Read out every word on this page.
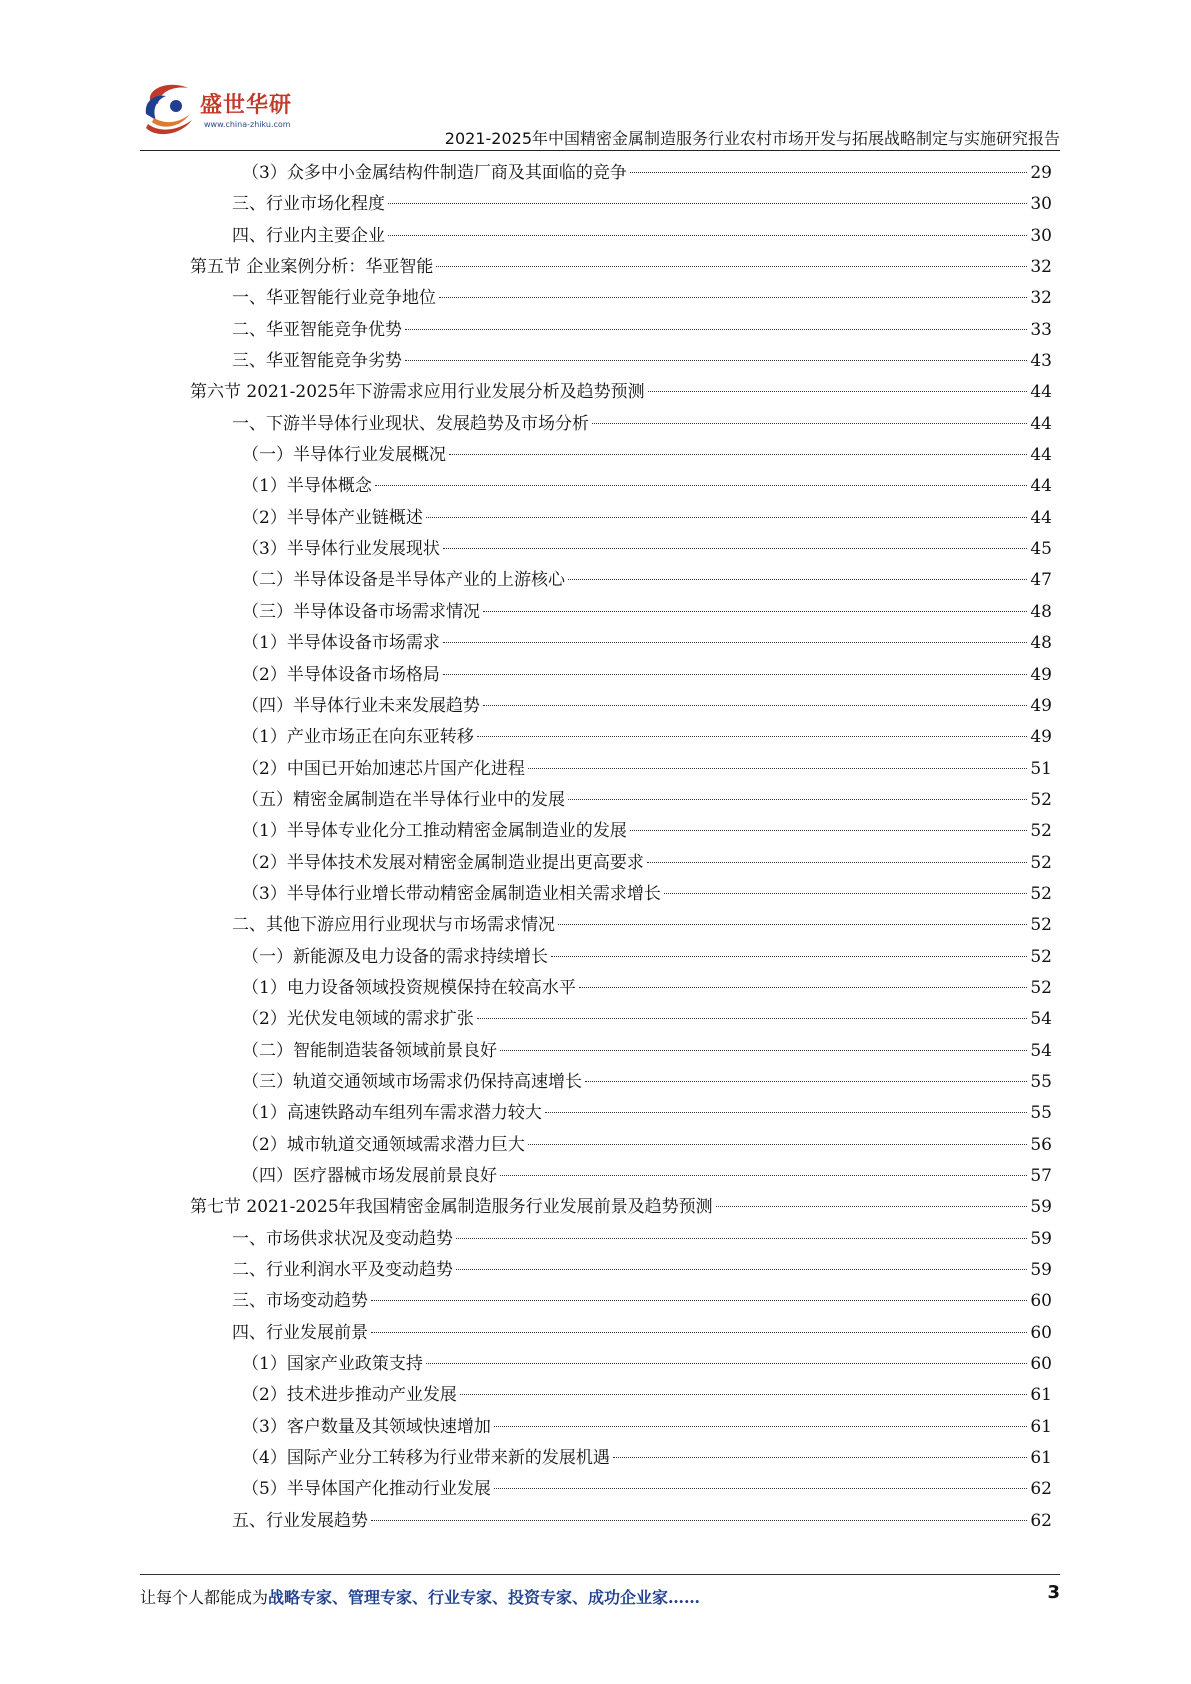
盛世华研
www.china-zhiku.com
2021-2025年中国精密金属制造服务行业农村市场开发与拓展战略制定与实施研究报告
（3）众多中小金属结构件制造厂商及其面临的竞争	29
三、行业市场化程度	30
四、行业内主要企业	30
第五节 企业案例分析：华亚智能	32
一、华亚智能行业竞争地位	32
二、华亚智能竞争优势	33
三、华亚智能竞争劣势	43
第六节 2021-2025年下游需求应用行业发展分析及趋势预测	44
一、下游半导体行业现状、发展趋势及市场分析	44
（一）半导体行业发展概况	44
（1）半导体概念	44
（2）半导体产业链概述	44
（3）半导体行业发展现状	45
（二）半导体设备是半导体产业的上游核心	47
（三）半导体设备市场需求情况	48
（1）半导体设备市场需求	48
（2）半导体设备市场格局	49
（四）半导体行业未来发展趋势	49
（1）产业市场正在向东亚转移	49
（2）中国已开始加速芯片国产化进程	51
（五）精密金属制造在半导体行业中的发展	52
（1）半导体专业化分工推动精密金属制造业的发展	52
（2）半导体技术发展对精密金属制造业提出更高要求	52
（3）半导体行业增长带动精密金属制造业相关需求增长	52
二、其他下游应用行业现状与市场需求情况	52
（一）新能源及电力设备的需求持续增长	52
（1）电力设备领域投资规模保持在较高水平	52
（2）光伏发电领域的需求扩张	54
（二）智能制造装备领域前景良好	54
（三）轨道交通领域市场需求仍保持高速增长	55
（1）高速铁路动车组列车需求潜力较大	55
（2）城市轨道交通领域需求潜力巨大	56
（四）医疗器械市场发展前景良好	57
第七节 2021-2025年我国精密金属制造服务行业发展前景及趋势预测	59
一、市场供求状况及变动趋势	59
二、行业利润水平及变动趋势	59
三、市场变动趋势	60
四、行业发展前景	60
（1）国家产业政策支持	60
（2）技术进步推动产业发展	61
（3）客户数量及其领域快速增加	61
（4）国际产业分工转移为行业带来新的发展机遇	61
（5）半导体国产化推动行业发展	62
五、行业发展趋势	62
让每个人都能成为战略专家、管理专家、行业专家、投资专家、成功企业家……	3
